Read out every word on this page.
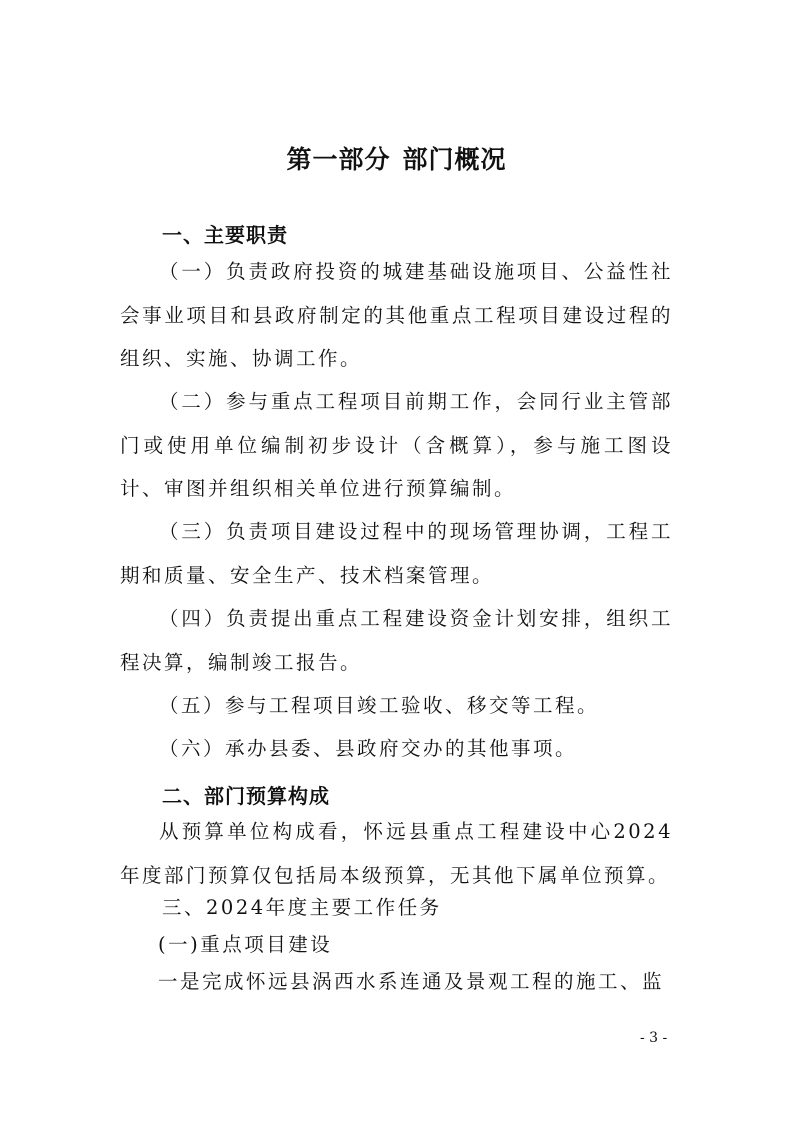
第一部分 部门概况
一、主要职责
（一）负责政府投资的城建基础设施项目、公益性社会事业项目和县政府制定的其他重点工程项目建设过程的组织、实施、协调工作。
（二）参与重点工程项目前期工作，会同行业主管部门或使用单位编制初步设计（含概算），参与施工图设计、审图并组织相关单位进行预算编制。
（三）负责项目建设过程中的现场管理协调，工程工期和质量、安全生产、技术档案管理。
（四）负责提出重点工程建设资金计划安排，组织工程决算，编制竣工报告。
（五）参与工程项目竣工验收、移交等工程。
（六）承办县委、县政府交办的其他事项。
二、部门预算构成
从预算单位构成看，怀远县重点工程建设中心2024年度部门预算仅包括局本级预算，无其他下属单位预算。
三、2024年度主要工作任务
(一)重点项目建设
一是完成怀远县涡西水系连通及景观工程的施工、监
- 3 -
